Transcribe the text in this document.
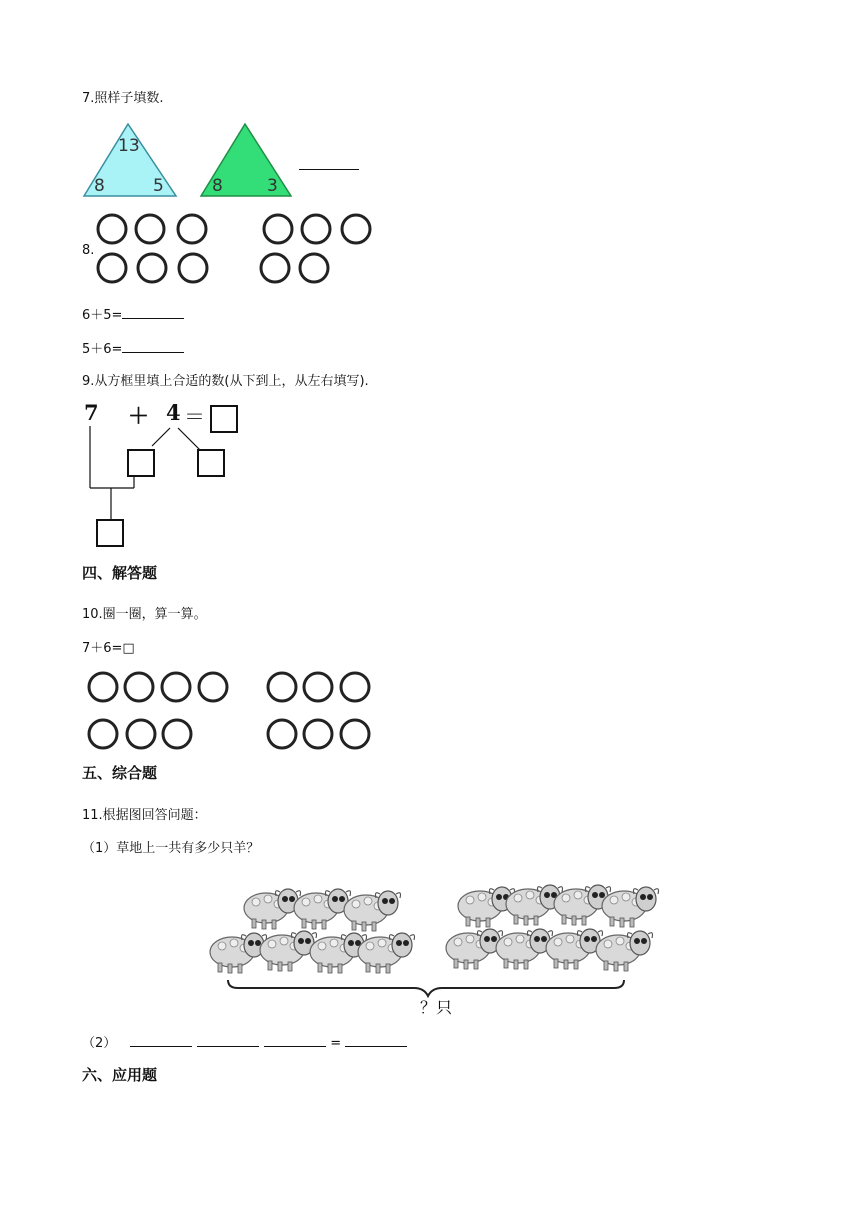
7.照样子填数.
13
8	5	8	3
8.
6＋5=
5＋6=
9.从方框里填上合适的数(从下到上，从左右填写).
7 ＋ 4 ＝
四、解答题
10.圈一圈，算一算。
7＋6=□
五、综合题
11.根据图回答问题：
（1）草地上一共有多少只羊？
？只
（2）	=
六、应用题
